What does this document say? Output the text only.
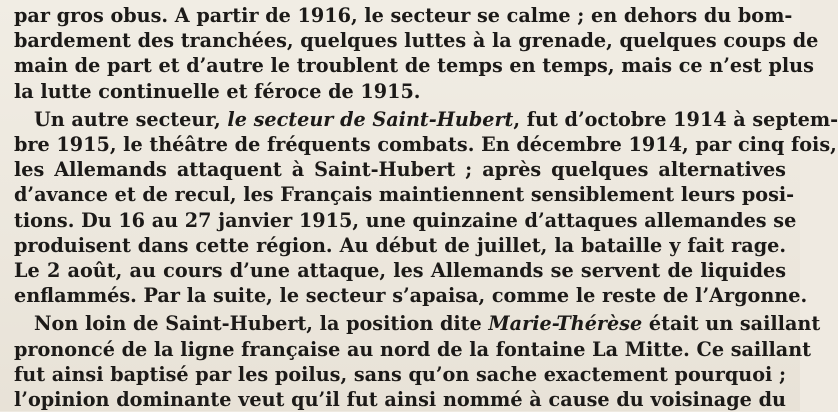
par gros obus. A partir de 1916, le secteur se calme ; en dehors du bom-
bardement des tranchées, quelques luttes à la grenade, quelques coups de
main de part et d’autre le troublent de temps en temps, mais ce n’est plus
la lutte continuelle et féroce de 1915.

Un autre secteur, le secteur de Saint-Hubert, fut d’octobre 1914 à septem-
bre 1915, le théâtre de fréquents combats. En décembre 1914, par cinq fois,
les Allemands attaquent à Saint-Hubert ; après quelques alternatives
d’avance et de recul, les Français maintiennent sensiblement leurs posi-
tions. Du 16 au 27 janvier 1915, une quinzaine d’attaques allemandes se
produisent dans cette région. Au début de juillet, la bataille y fait rage.
Le 2 août, au cours d’une attaque, les Allemands se servent de liquides
enflammés. Par la suite, le secteur s’apaisa, comme le reste de l’Argonne.

Non loin de Saint-Hubert, la position dite Marie-Thérèse était un saillant
prononcé de la ligne française au nord de la fontaine La Mitte. Ce saillant
fut ainsi baptisé par les poilus, sans qu’on sache exactement pourquoi ;
l’opinion dominante veut qu’il fut ainsi nommé à cause du voisinage du
